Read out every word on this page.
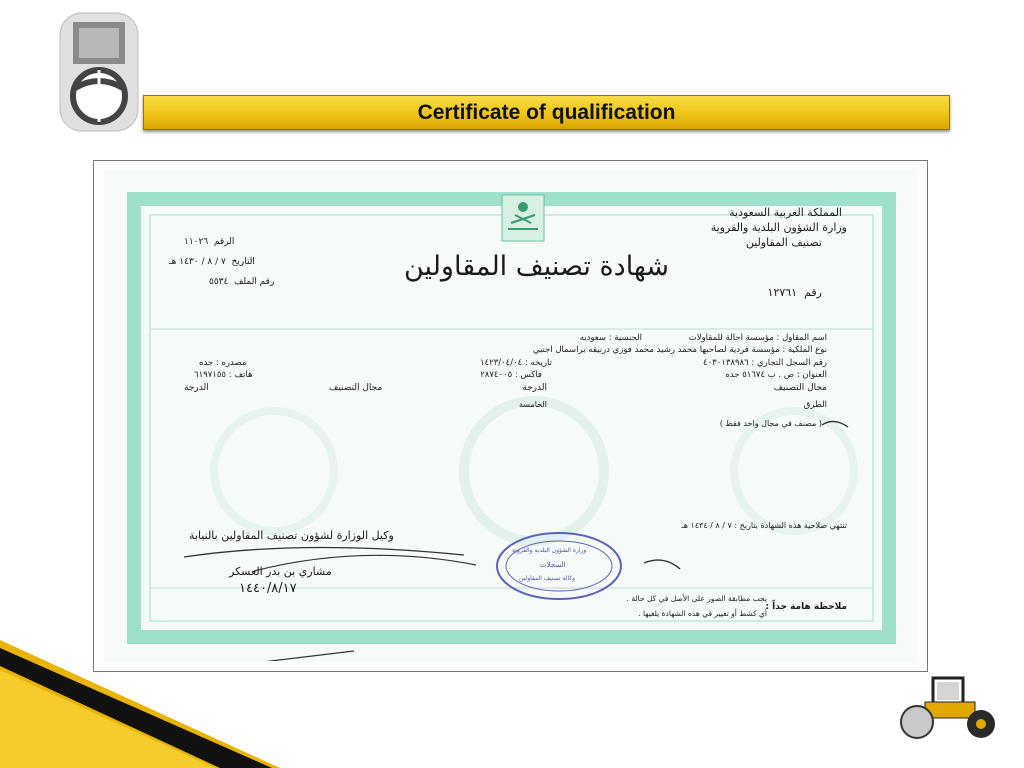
Certificate of qualification
المملكة العربية السعودية
وزارة الشؤون البلدية والقروية
تصنيف المقاولين
الرقم  ١١٠٢٦
التاريخ  ٧ / ٨ / ١٤٣٠ هـ
رقم الملف  ٥٥٣٤	شهادة تصنيف المقاولين
رقم  ١٢٧٦١
اسم المقاول : مؤسسة احالة للمقاولات
الجنسية : سعوديه
نوع الملكية : مؤسسة فردية لصاحبها محمد رشيد محمد فوزي درنيقه براسمال اجنبي
رقم السجل التجاري : ٤٠٣٠١٣٨٩٨٦
تاريخه : ١٤٢٣/٠٤/٠٤
مصدره : جده
العنوان : ص . ب ٥١٦٧٤ جده
فاكس : ٢٨٧٤٠٠٥
هاتف : ٦١٩٧١٥٥
مجال التصنيف
الدرجة
مجال التصنيف
الدرجة
الطرق
الخامسة
( مصنف في مجال واحد فقط )
تنتهي صلاحية هذه الشهادة بتاريخ : ٧ / ٨ / ١٤٣٤ هـ
وكيل الوزارة لشؤون تصنيف المقاولين بالنيابة
مشاري بن بدر العسكر
١٤٤٠/٨/١٧
وزارة الشؤون البلدية والقروية
السجلات
وكالة تصنيف المقاولين
ملاحظة هامة جداً :
يجب مطابقة الصور على الأصل في كل حالة .
أي كشط أو تغيير في هذه الشهادة يلغيها .
